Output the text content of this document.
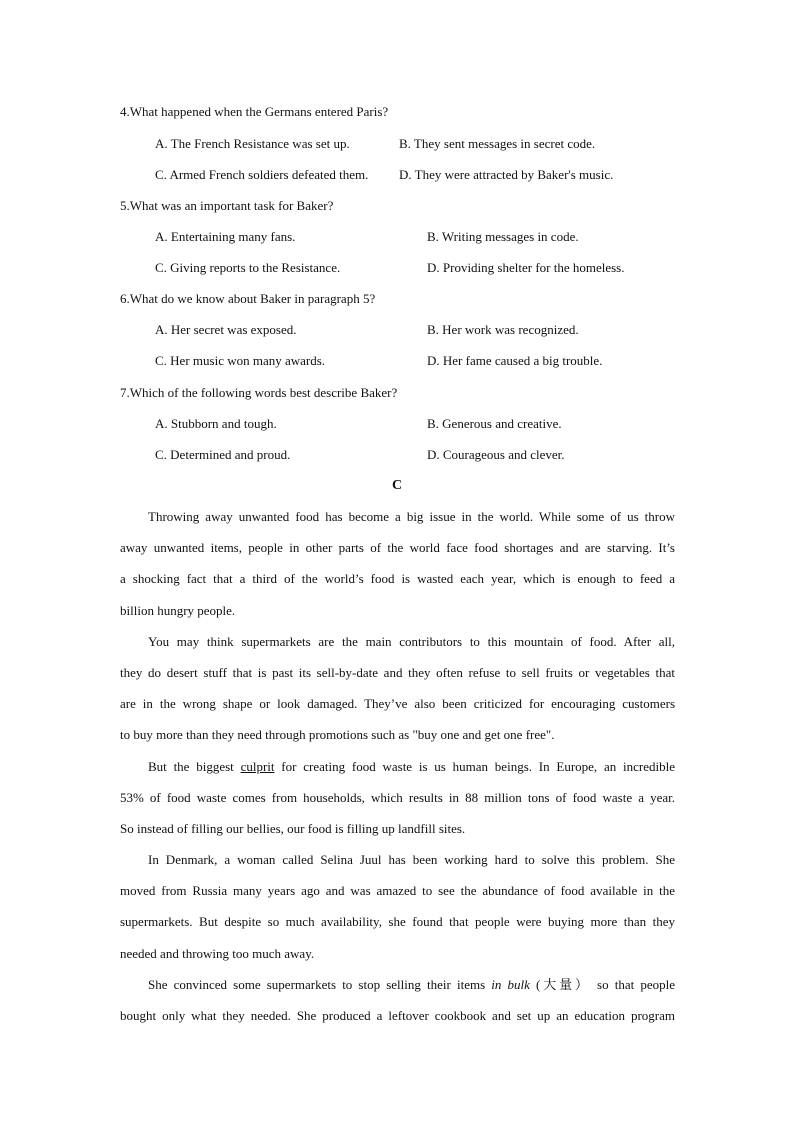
4.What happened when the Germans entered Paris?
A. The French Resistance was set up.	B. They sent messages in secret code.
C. Armed French soldiers defeated them. D. They were attracted by Baker's music.
5.What was an important task for Baker?
A. Entertaining many fans.	B. Writing messages in code.
C. Giving reports to the Resistance.	D. Providing shelter for the homeless.
6.What do we know about Baker in paragraph 5?
A. Her secret was exposed.	B. Her work was recognized.
C. Her music won many awards.	D. Her fame caused a big trouble.
7.Which of the following words best describe Baker?
A. Stubborn and tough.	B. Generous and creative.
C. Determined and proud.	D. Courageous and clever.
C
Throwing away unwanted food has become a big issue in the world. While some of us throw
away unwanted items, people in other parts of the world face food shortages and are starving. It’s
a shocking fact that a third of the world’s food is wasted each year, which is enough to feed a
billion hungry people.
You may think supermarkets are the main contributors to this mountain of food. After all,
they do desert stuff that is past its sell-by-date and they often refuse to sell fruits or vegetables that
are in the wrong shape or look damaged. They’ve also been criticized for encouraging customers
to buy more than they need through promotions such as "buy one and get one free".
But the biggest culprit for creating food waste is us human beings. In Europe, an incredible
53% of food waste comes from households, which results in 88 million tons of food waste a year.
So instead of filling our bellies, our food is filling up landfill sites.
In Denmark, a woman called Selina Juul has been working hard to solve this problem. She
moved from Russia many years ago and was amazed to see the abundance of food available in the
supermarkets. But despite so much availability, she found that people were buying more than they
needed and throwing too much away.
She convinced some supermarkets to stop selling their items in bulk (大量） so that people
bought only what they needed. She produced a leftover cookbook and set up an education program
